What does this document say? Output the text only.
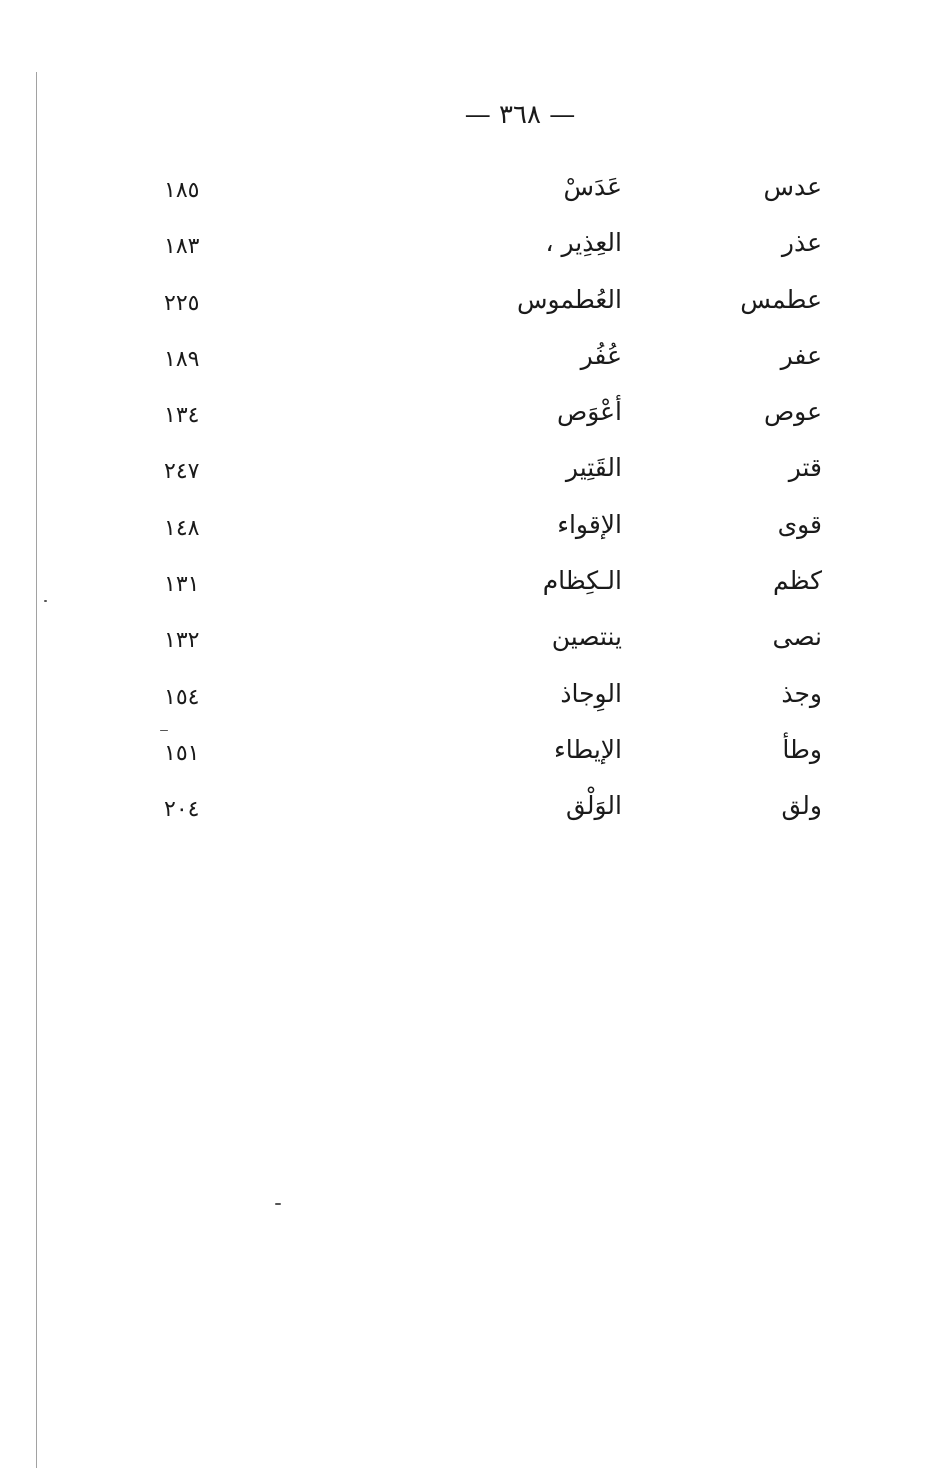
— ٣٦٨ —
عدس
عَدَسْ
١٨٥
عذر
العِذِير ،
١٨٣
عطمس
العُطموس
٢٢٥
عفر
عُفُر
١٨٩
عوص
أعْوَص
١٣٤
قتر
القَتِير
٢٤٧
قوى
الإقواء
١٤٨
كظم
الـكِظام
١٣١
نصى
ينتصين
١٣٢
وجذ
الوِجاذ
١٥٤
وطأ
الإيطاء
١٥١
ولق
الوَلْق
٢٠٤
